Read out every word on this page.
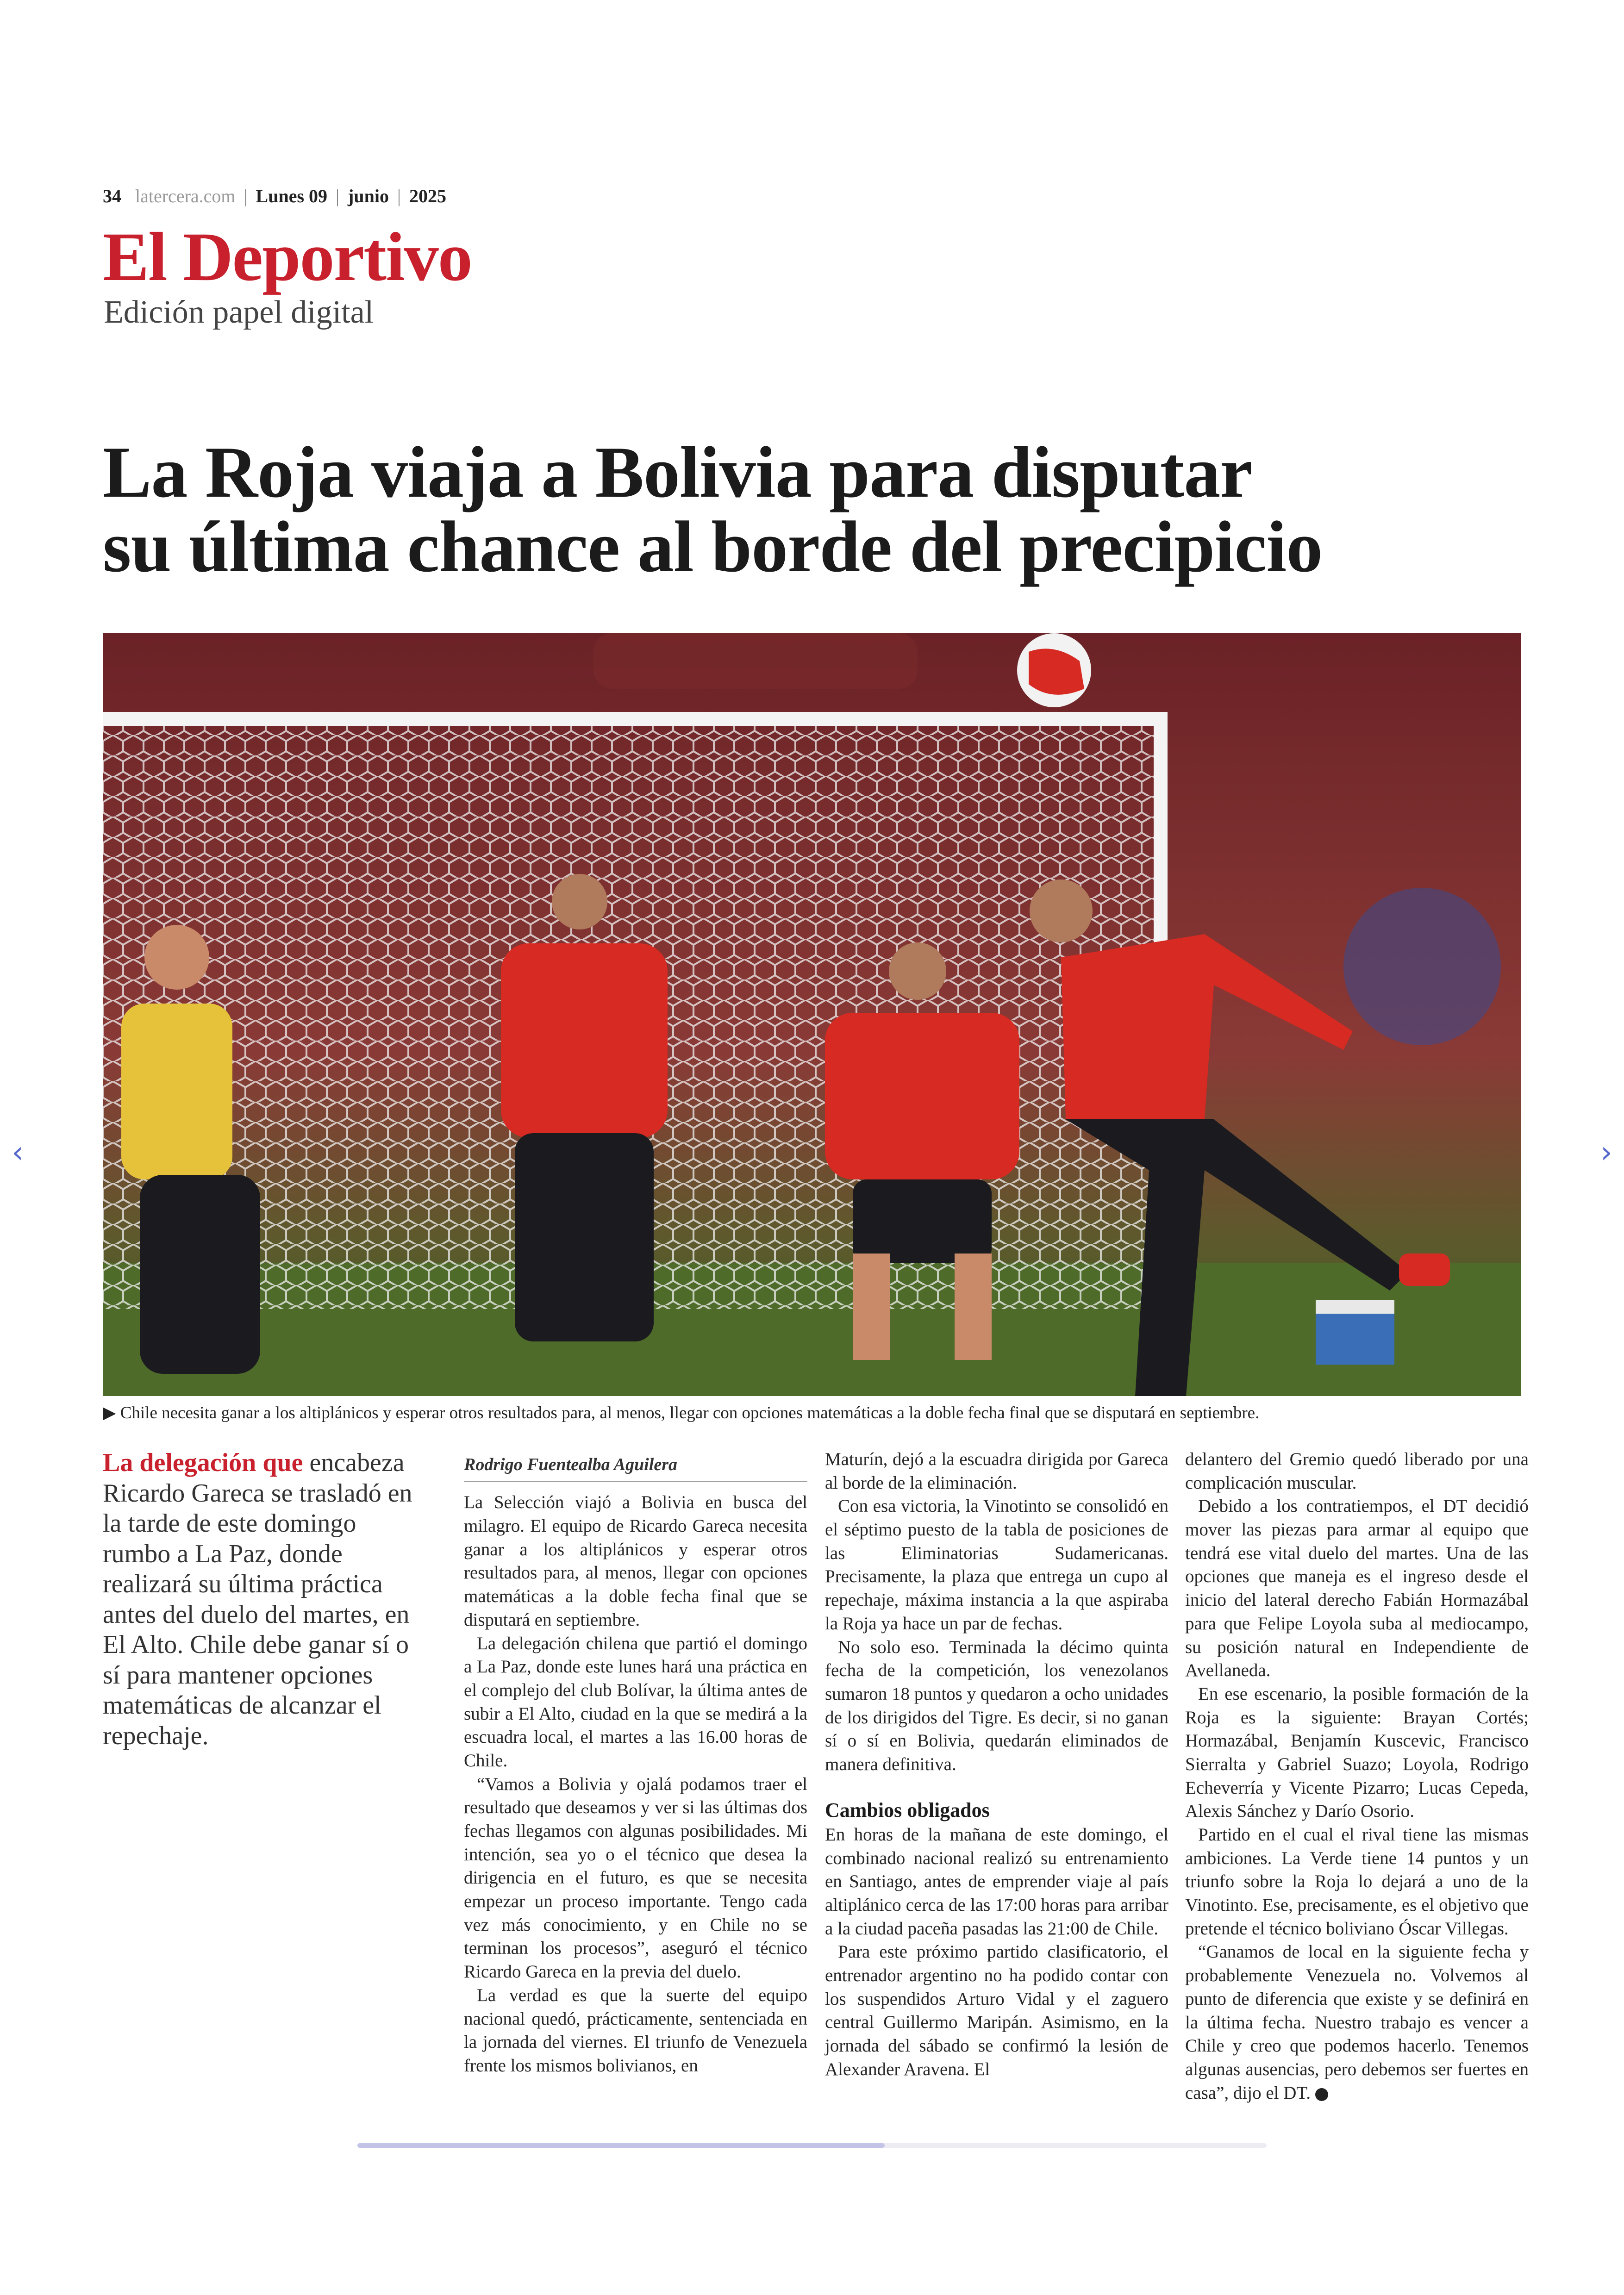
34 latercera.com | Lunes 09 | junio | 2025
El Deportivo
Edición papel digital
La Roja viaja a Bolivia para disputar
su última chance al borde del precipicio
▶ Chile necesita ganar a los altiplánicos y esperar otros resultados para, al menos, llegar con opciones matemáticas a la doble fecha final que se disputará en septiembre.
La delegación que encabeza Ricardo Gareca se trasladó en la tarde de este domingo rumbo a La Paz, donde realizará su última práctica antes del duelo del martes, en El Alto. Chile debe ganar sí o sí para mantener opciones matemáticas de alcanzar el repechaje.
Rodrigo Fuentealba Aguilera

La Selección viajó a Bolivia en busca del milagro. El equipo de Ricardo Gareca necesita ganar a los altiplánicos y esperar otros resultados para, al menos, llegar con opciones matemáticas a la doble fecha final que se disputará en septiembre.

La delegación chilena que partió el domingo a La Paz, donde este lunes hará una práctica en el complejo del club Bolívar, la última antes de subir a El Alto, ciudad en la que se medirá a la escuadra local, el martes a las 16.00 horas de Chile.

“Vamos a Bolivia y ojalá podamos traer el resultado que deseamos y ver si las últimas dos fechas llegamos con algunas posibilidades. Mi intención, sea yo o el técnico que desea la dirigencia en el futuro, es que se necesita empezar un proceso importante. Tengo cada vez más conocimiento, y en Chile no se terminan los procesos”, aseguró el técnico Ricardo Gareca en la previa del duelo.

La verdad es que la suerte del equipo nacional quedó, prácticamente, sentenciada en la jornada del viernes. El triunfo de Venezuela frente los mismos bolivianos, en

Maturín, dejó a la escuadra dirigida por Gareca al borde de la eliminación.

Con esa victoria, la Vinotinto se consolidó en el séptimo puesto de la tabla de posiciones de las Eliminatorias Sudamericanas. Precisamente, la plaza que entrega un cupo al repechaje, máxima instancia a la que aspiraba la Roja ya hace un par de fechas.

No solo eso. Terminada la décimo quinta fecha de la competición, los venezolanos sumaron 18 puntos y quedaron a ocho unidades de los dirigidos del Tigre. Es decir, si no ganan sí o sí en Bolivia, quedarán eliminados de manera definitiva.

Cambios obligados

En horas de la mañana de este domingo, el combinado nacional realizó su entrenamiento en Santiago, antes de emprender viaje al país altiplánico cerca de las 17:00 horas para arribar a la ciudad paceña pasadas las 21:00 de Chile.

Para este próximo partido clasificatorio, el entrenador argentino no ha podido contar con los suspendidos Arturo Vidal y el zaguero central Guillermo Maripán. Asimismo, en la jornada del sábado se confirmó la lesión de Alexander Aravena. El

delantero del Gremio quedó liberado por una complicación muscular.

Debido a los contratiempos, el DT decidió mover las piezas para armar al equipo que tendrá ese vital duelo del martes. Una de las opciones que maneja es el ingreso desde el inicio del lateral derecho Fabián Hormazábal para que Felipe Loyola suba al mediocampo, su posición natural en Independiente de Avellaneda.

En ese escenario, la posible formación de la Roja es la siguiente: Brayan Cortés; Hormazábal, Benjamín Kuscevic, Francisco Sierralta y Gabriel Suazo; Loyola, Rodrigo Echeverría y Vicente Pizarro; Lucas Cepeda, Alexis Sánchez y Darío Osorio.

Partido en el cual el rival tiene las mismas ambiciones. La Verde tiene 14 puntos y un triunfo sobre la Roja lo dejará a uno de la Vinotinto. Ese, precisamente, es el objetivo que pretende el técnico boliviano Óscar Villegas.

“Ganamos de local en la siguiente fecha y probablemente Venezuela no. Volvemos al punto de diferencia que existe y se definirá en la última fecha. Nuestro trabajo es vencer a Chile y creo que podemos hacerlo. Tenemos algunas ausencias, pero debemos ser fuertes en casa”, dijo el DT.

‹	›
